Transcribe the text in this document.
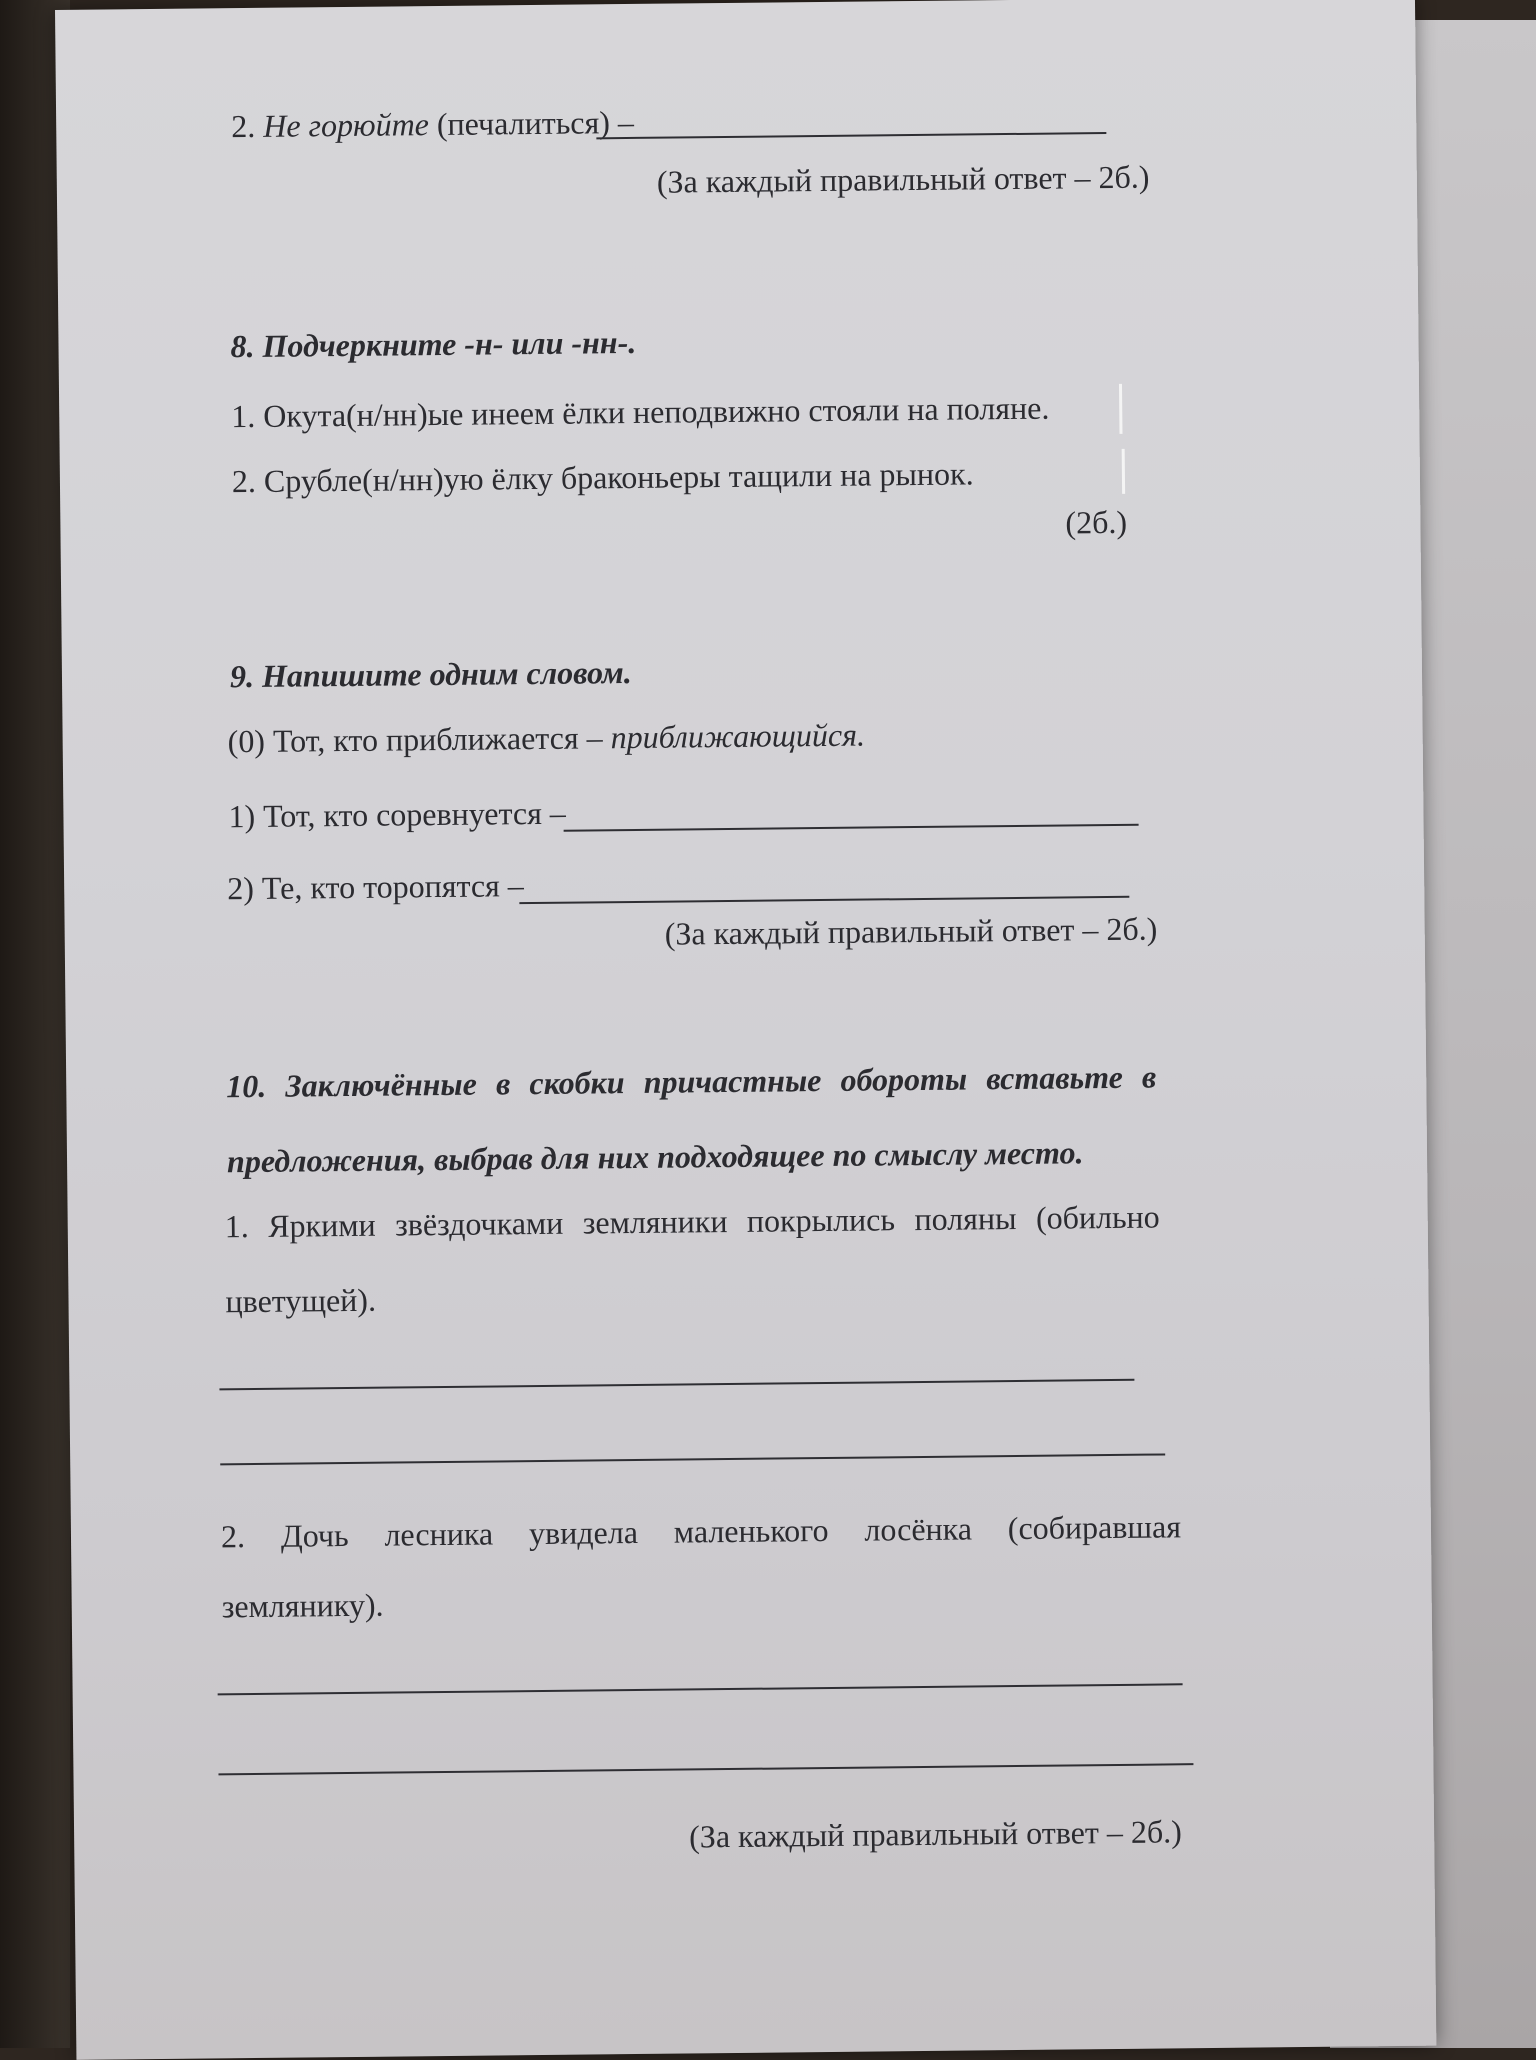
2. Не горюйте (печалиться) –
(За каждый правильный ответ – 2б.)
8. Подчеркните -н- или -нн-.
1. Окута(н/нн)ые инеем ёлки неподвижно стояли на поляне.
2. Срубле(н/нн)ую ёлку браконьеры тащили на рынок.
(2б.)
9. Напишите одним словом.
(0) Тот, кто приближается – приближающийся.
1) Тот, кто соревнуется –
2) Те, кто торопятся –
(За каждый правильный ответ – 2б.)
10. Заключённые в скобки причастные обороты вставьте в
предложения, выбрав для них подходящее по смыслу место.
1. Яркими звёздочками земляники покрылись поляны (обильно
цветущей).
2. Дочь лесника увидела маленького лосёнка (собиравшая
землянику).
(За каждый правильный ответ – 2б.)
